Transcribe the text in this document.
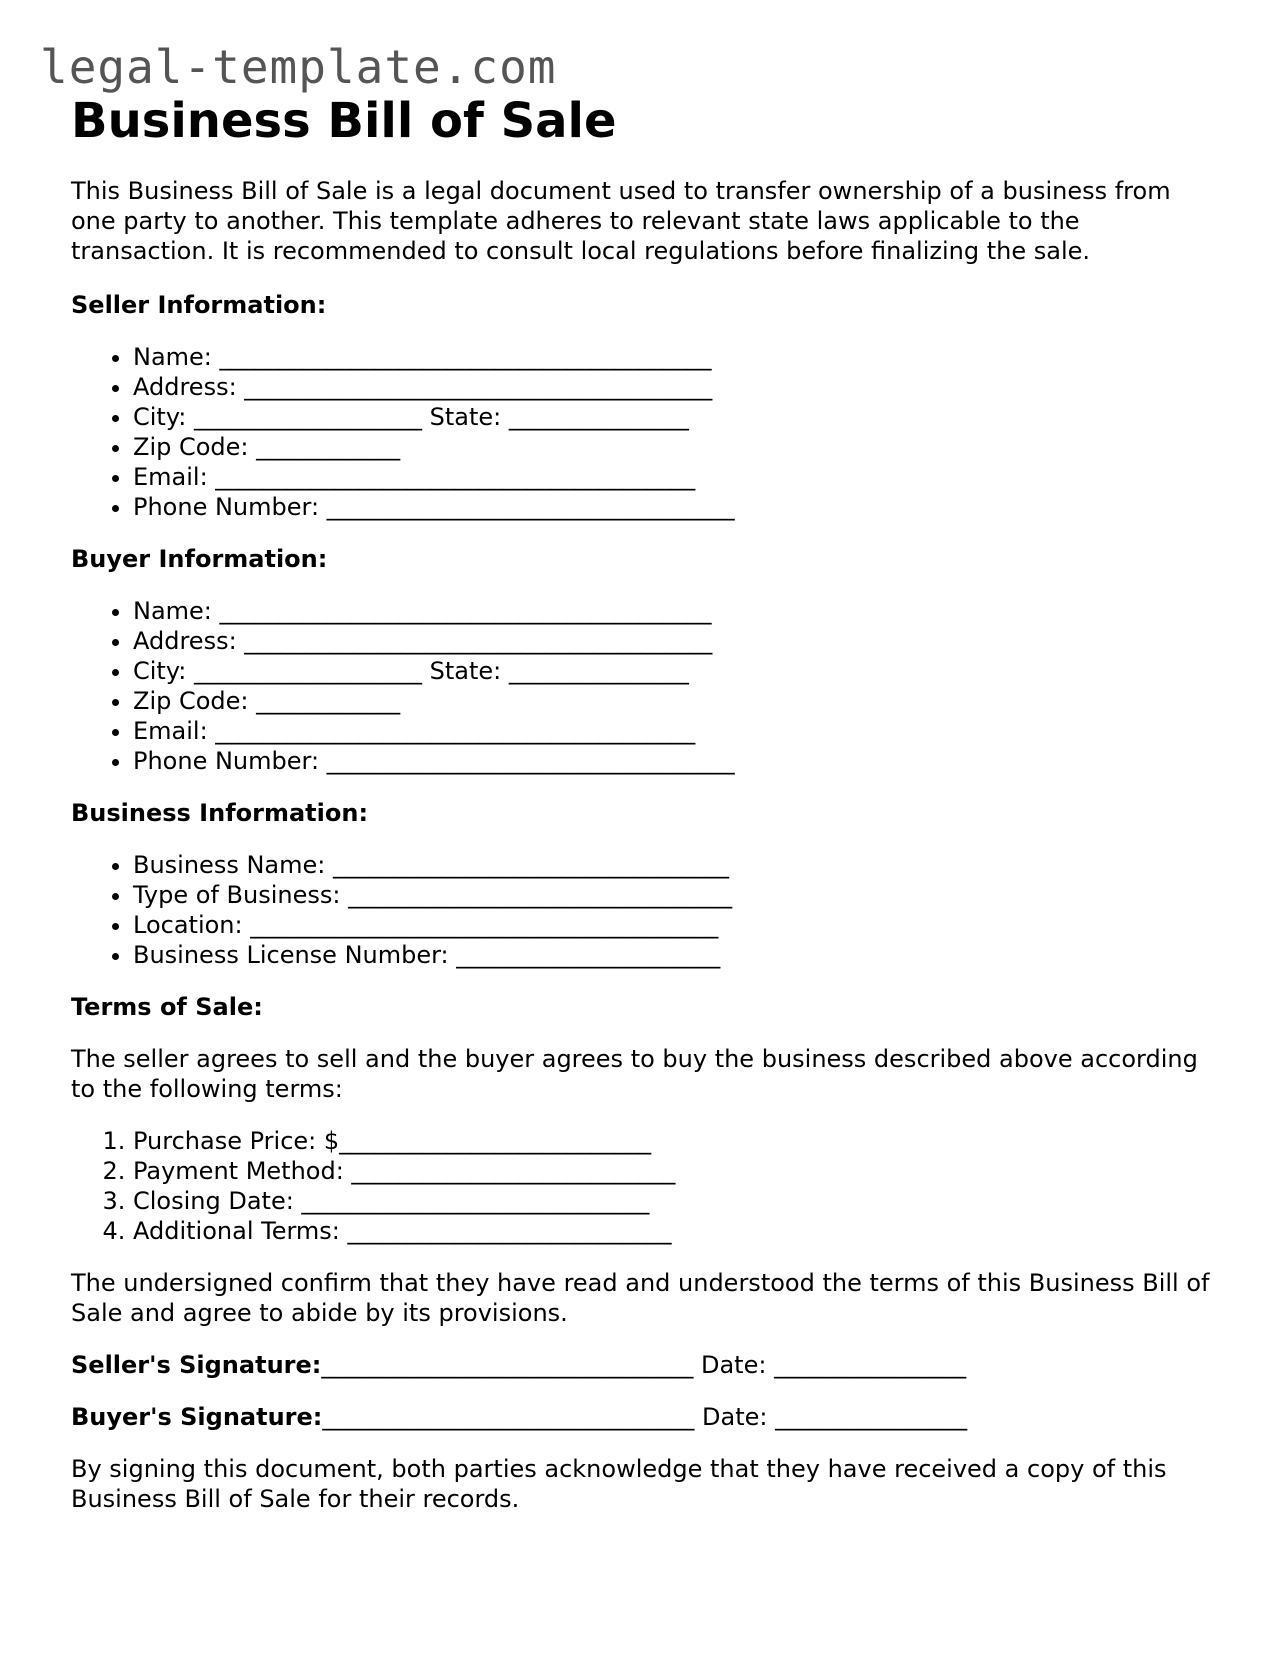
legal-template.com
Business Bill of Sale

This Business Bill of Sale is a legal document used to transfer ownership of a business from one party to another. This template adheres to relevant state laws applicable to the transaction. It is recommended to consult local regulations before finalizing the sale.

Seller Information:

• Name: _________________________________________
• Address: _______________________________________
• City: ___________________ State: _______________
• Zip Code: ____________
• Email: ________________________________________
• Phone Number: __________________________________

Buyer Information:

• Name: _________________________________________
• Address: _______________________________________
• City: ___________________ State: _______________
• Zip Code: ____________
• Email: ________________________________________
• Phone Number: __________________________________

Business Information:

• Business Name: _________________________________
• Type of Business: ________________________________
• Location: _______________________________________
• Business License Number: ______________________

Terms of Sale:

The seller agrees to sell and the buyer agrees to buy the business described above according to the following terms:

1. Purchase Price: $__________________________
2. Payment Method: ___________________________
3. Closing Date: _____________________________
4. Additional Terms: ___________________________

The undersigned confirm that they have read and understood the terms of this Business Bill of Sale and agree to abide by its provisions.

Seller's Signature:_______________________________ Date: ________________

Buyer's Signature:_______________________________ Date: ________________

By signing this document, both parties acknowledge that they have received a copy of this Business Bill of Sale for their records.
